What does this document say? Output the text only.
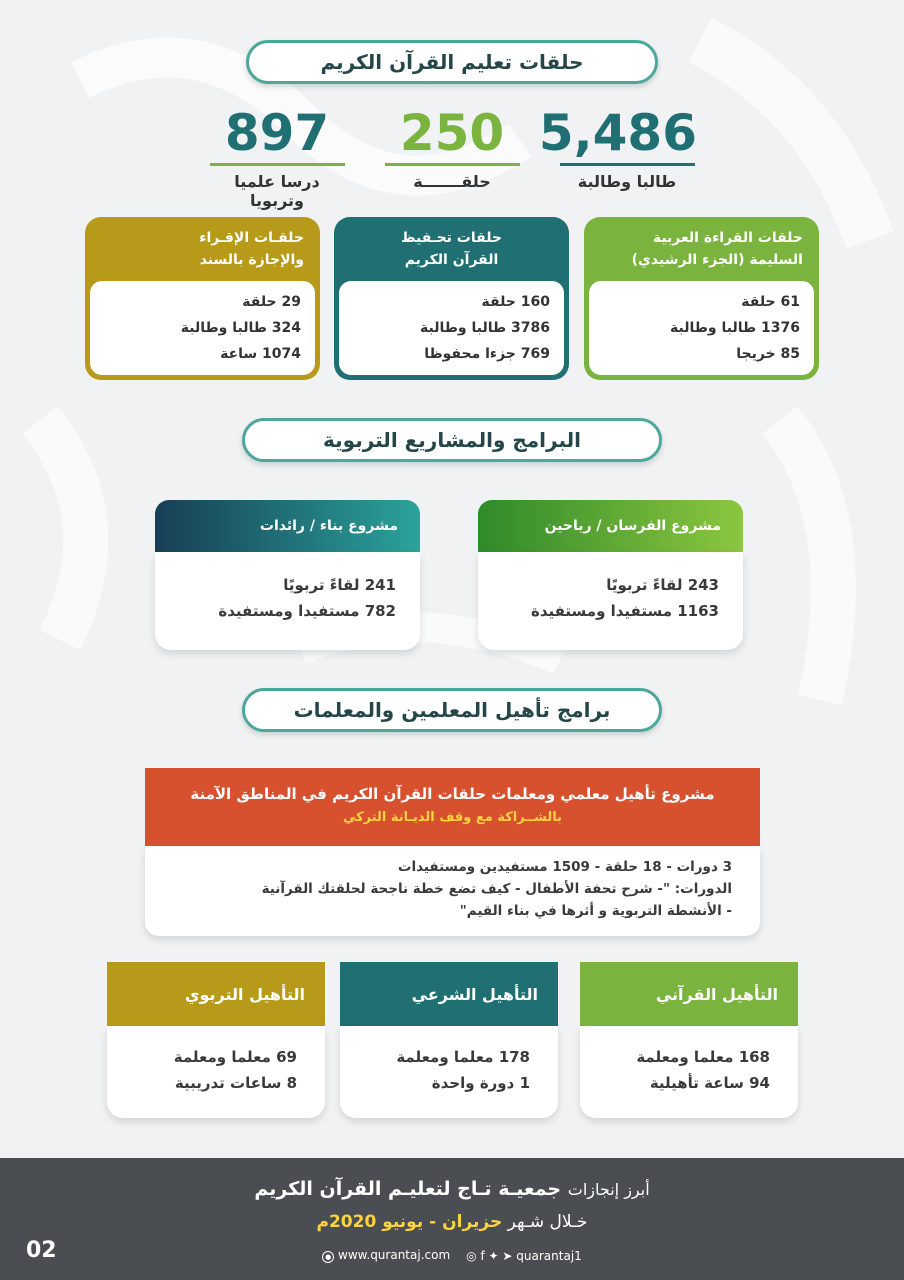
حلقات تعليم القرآن الكريم
5,486
طالبا وطالبة
250
حلقـــــــة
897
درسا علميا وتربويا
حلقات القراءة العربية
السليمة (الجزء الرشيدي)
61 حلقة
1376 طالبا وطالبة
85 خريجا
حلقات تحـفيظ
القرآن الكريم
160 حلقة
3786 طالبا وطالبة
769 جزءا محفوظا
حلقـات الإقـراء
والإجازة بالسند
29 حلقة
324 طالبا وطالبة
1074 ساعة
البرامج والمشاريع التربوية
مشروع الفرسان / رياحين
243 لقاءً تربويًا
1163 مستفيدا ومستفيدة
مشروع بناء / رائدات
241 لقاءً تربويًا
782 مستفيدا ومستفيدة
برامج تأهيل المعلمين والمعلمات
مشروع تأهيل معلمي ومعلمات حلقات القرآن الكريم في المناطق الآمنة
بالشــراكة مع وقف الديـانة التركي
3 دورات - 18 حلقة - 1509 مستفيدين ومستفيدات
الدورات: "- شرح تحفة الأطفال - كيف تضع خطة ناجحة لحلقتك القرآنية
- الأنشطة التربوية و أثرها في بناء القيم"
التأهيل القرآني
168 معلما ومعلمة
94 ساعة تأهيلية
التأهيل الشرعي
178 معلما ومعلمة
1 دورة واحدة
التأهيل التربوي
69 معلما ومعلمة
8 ساعات تدريبية
أبرز إنجازات جمعيـة تـاج لتعليـم القرآن الكريم
خـلال شـهر حزيران - يونيو 2020م
● www.qurantaj.com ◎ f ✦ ➤ quarantaj1
02
